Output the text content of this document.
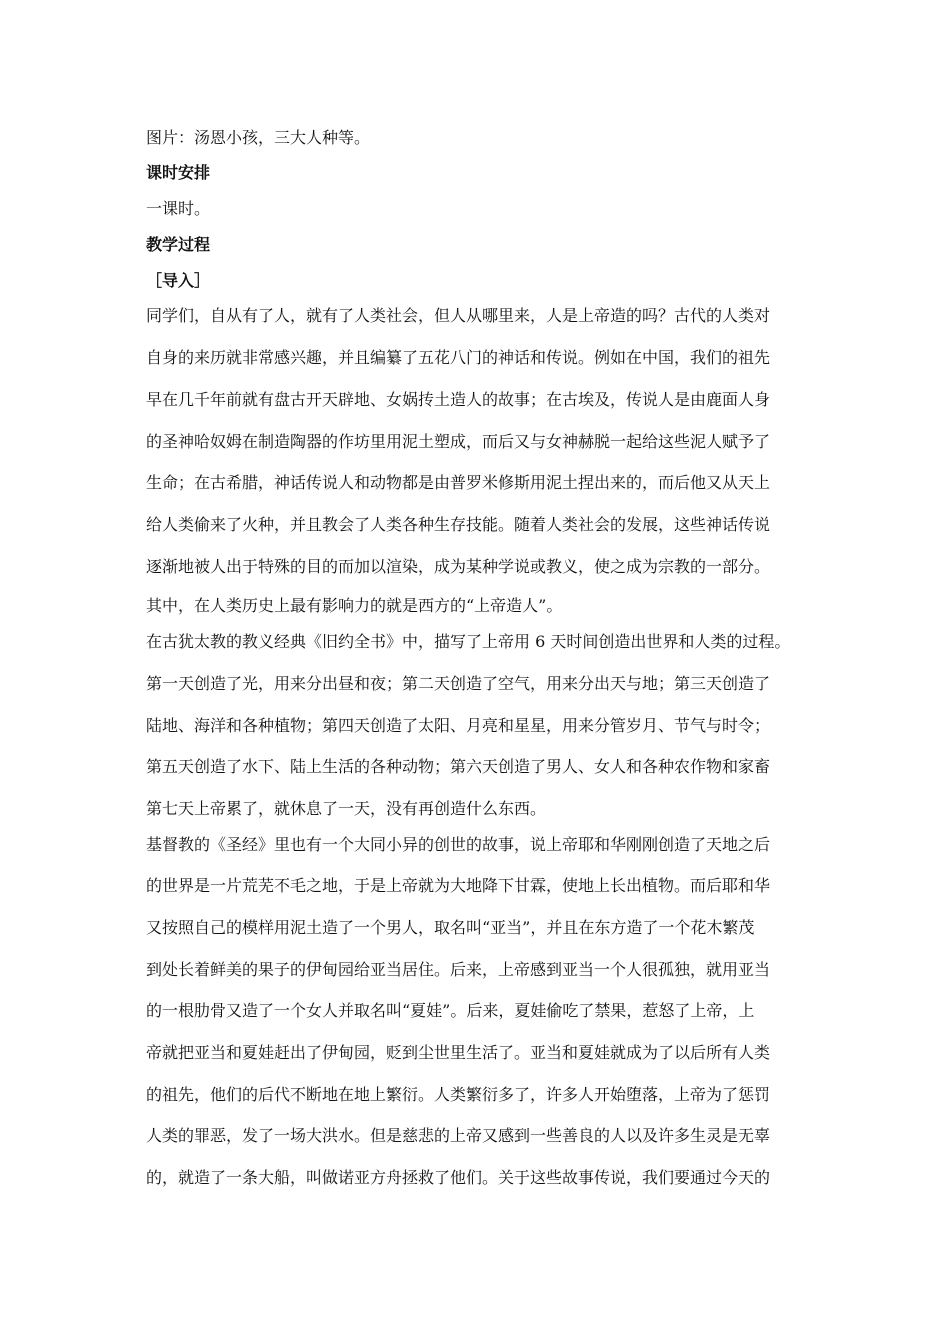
图片：汤恩小孩，三大人种等。
课时安排
一课时。
教学过程
［导入］
同学们，自从有了人，就有了人类社会，但人从哪里来，人是上帝造的吗？古代的人类对
自身的来历就非常感兴趣，并且编纂了五花八门的神话和传说。例如在中国，我们的祖先
早在几千年前就有盘古开天辟地、女娲抟土造人的故事；在古埃及，传说人是由鹿面人身
的圣神哈奴姆在制造陶器的作坊里用泥土塑成，而后又与女神赫脱一起给这些泥人赋予了
生命；在古希腊，神话传说人和动物都是由普罗米修斯用泥土捏出来的，而后他又从天上
给人类偷来了火种，并且教会了人类各种生存技能。随着人类社会的发展，这些神话传说
逐渐地被人出于特殊的目的而加以渲染，成为某种学说或教义，使之成为宗教的一部分。
其中，在人类历史上最有影响力的就是西方的“上帝造人”。
在古犹太教的教义经典《旧约全书》中，描写了上帝用 6 天时间创造出世界和人类的过程。
第一天创造了光，用来分出昼和夜；第二天创造了空气，用来分出天与地；第三天创造了
陆地、海洋和各种植物；第四天创造了太阳、月亮和星星，用来分管岁月、节气与时令；
第五天创造了水下、陆上生活的各种动物；第六天创造了男人、女人和各种农作物和家畜
第七天上帝累了，就休息了一天，没有再创造什么东西。
基督教的《圣经》里也有一个大同小异的创世的故事，说上帝耶和华刚刚创造了天地之后
的世界是一片荒芜不毛之地，于是上帝就为大地降下甘霖，使地上长出植物。而后耶和华
又按照自己的模样用泥土造了一个男人，取名叫“亚当”，并且在东方造了一个花木繁茂
到处长着鲜美的果子的伊甸园给亚当居住。后来，上帝感到亚当一个人很孤独，就用亚当
的一根肋骨又造了一个女人并取名叫“夏娃”。后来，夏娃偷吃了禁果，惹怒了上帝，上
帝就把亚当和夏娃赶出了伊甸园，贬到尘世里生活了。亚当和夏娃就成为了以后所有人类
的祖先，他们的后代不断地在地上繁衍。人类繁衍多了，许多人开始堕落，上帝为了惩罚
人类的罪恶，发了一场大洪水。但是慈悲的上帝又感到一些善良的人以及许多生灵是无辜
的，就造了一条大船，叫做诺亚方舟拯救了他们。关于这些故事传说，我们要通过今天的
